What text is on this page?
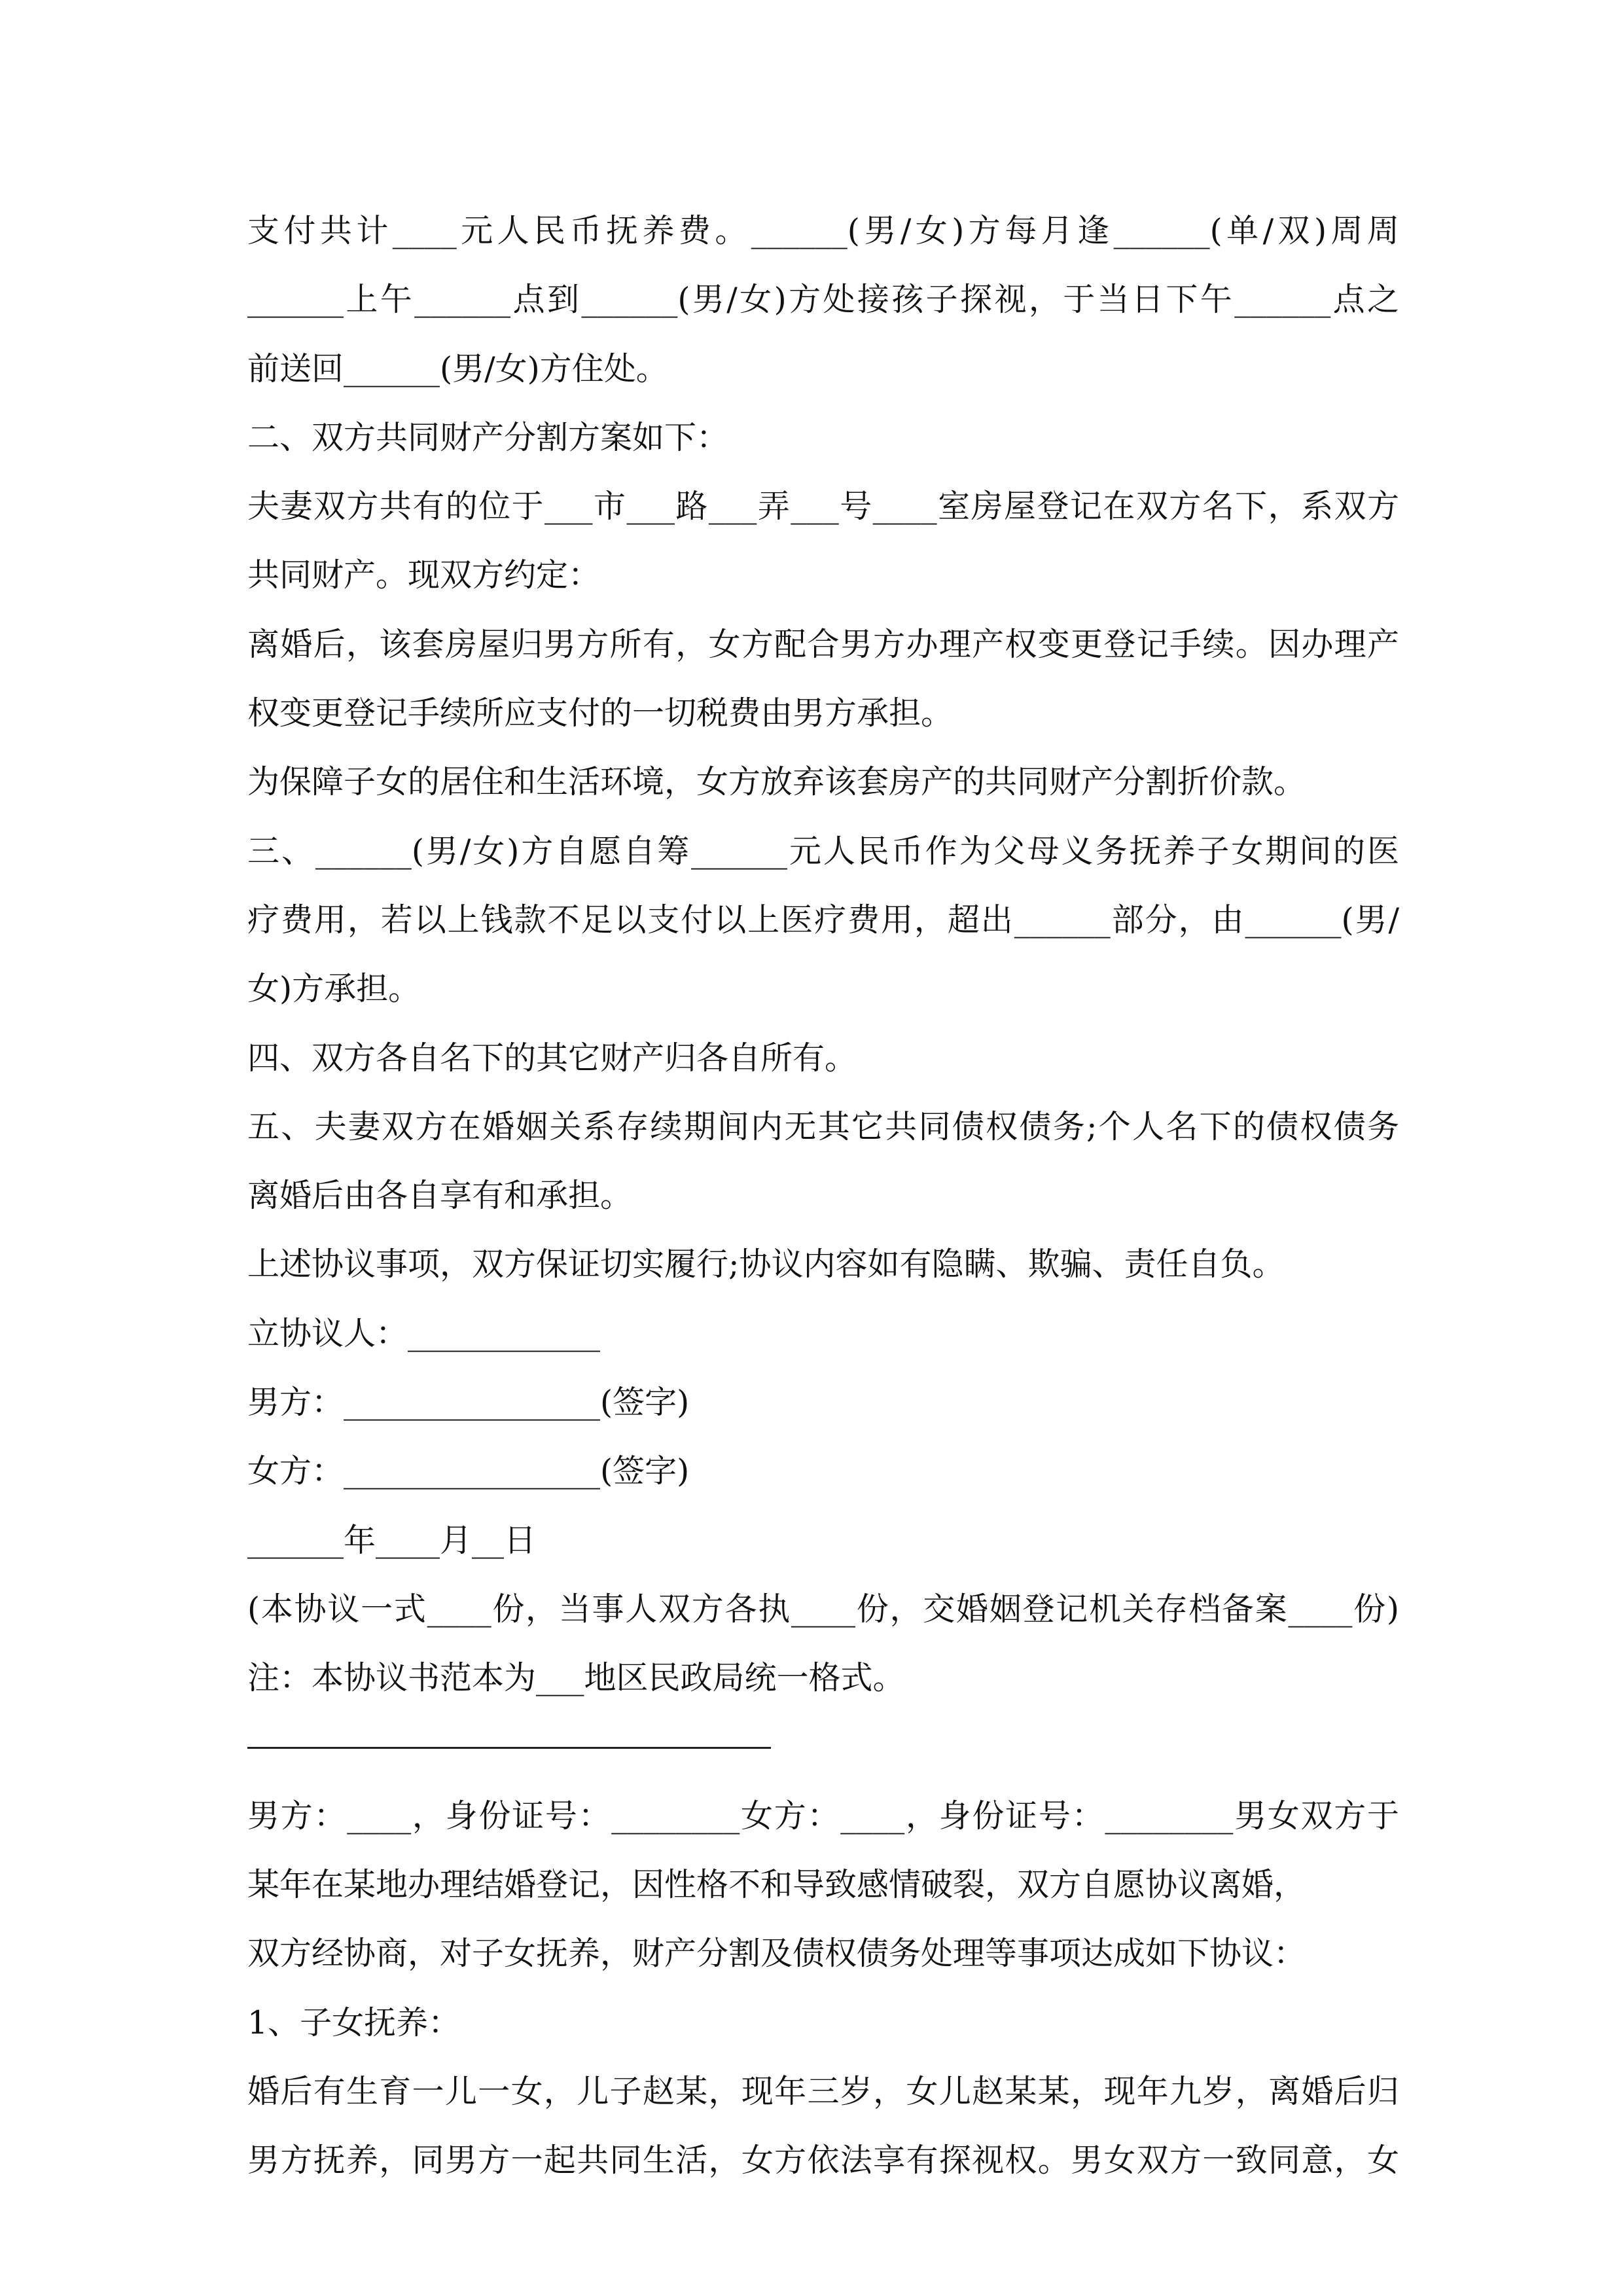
支付共计____元人民币抚养费。______(男/女)方每月逢______(单/双)周周
______上午______点到______(男/女)方处接孩子探视，于当日下午______点之
前送回______(男/女)方住处。
二、双方共同财产分割方案如下：
夫妻双方共有的位于___市___路___弄___号____室房屋登记在双方名下，系双方
共同财产。现双方约定：
离婚后，该套房屋归男方所有，女方配合男方办理产权变更登记手续。因办理产
权变更登记手续所应支付的一切税费由男方承担。
为保障子女的居住和生活环境，女方放弃该套房产的共同财产分割折价款。
三、______(男/女)方自愿自筹______元人民币作为父母义务抚养子女期间的医
疗费用，若以上钱款不足以支付以上医疗费用，超出______部分，由______(男/
女)方承担。
四、双方各自名下的其它财产归各自所有。
五、夫妻双方在婚姻关系存续期间内无其它共同债权债务;个人名下的债权债务
离婚后由各自享有和承担。
上述协议事项，双方保证切实履行;协议内容如有隐瞒、欺骗、责任自负。
立协议人：____________
男方：________________(签字)
女方：________________(签字)
______年____月__日
(本协议一式____份，当事人双方各执____份，交婚姻登记机关存档备案____份)
注：本协议书范本为___地区民政局统一格式。
男方：____，身份证号：________女方：____，身份证号：________男女双方于
某年在某地办理结婚登记，因性格不和导致感情破裂，双方自愿协议离婚，
双方经协商，对子女抚养，财产分割及债权债务处理等事项达成如下协议：
1、子女抚养：
婚后有生育一儿一女，儿子赵某，现年三岁，女儿赵某某，现年九岁，离婚后归
男方抚养，同男方一起共同生活，女方依法享有探视权。男女双方一致同意，女
